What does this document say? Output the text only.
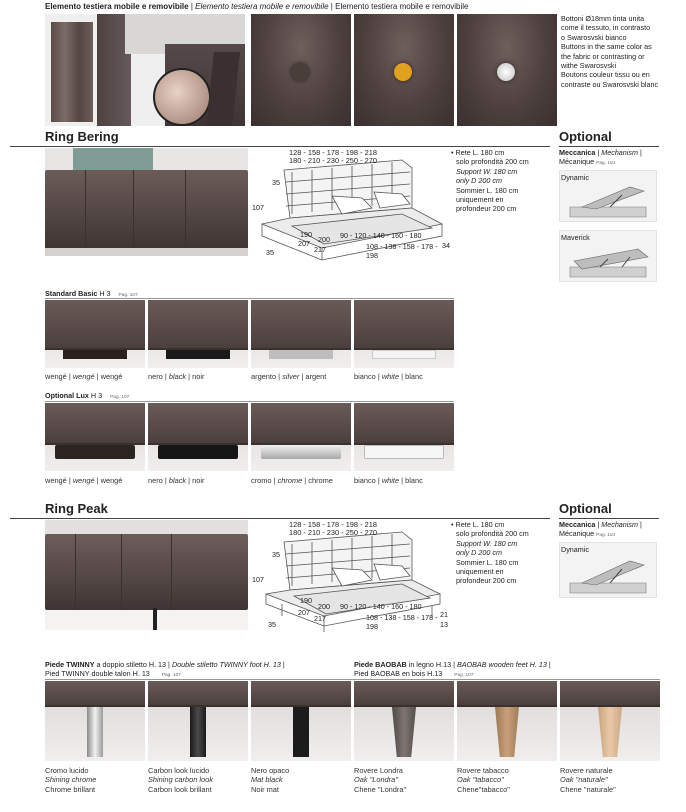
Elemento testiera mobile e removibile | Elemento testiera mobile e removibile | Elemento testiera mobile e removibile
Bottoni Ø18mm tinta unita
come il tessuto, in contrasto
o Swarosvski bianco
Buttons in the same color as
the fabric or contrasting or
withe Swarosvski
Boutons couleur tissu ou en
contraste ou Swarosvski blanc
Ring Bering	Optional
128 - 158 - 178 - 198 - 218
180 - 210 - 230 - 250 - 270
35
107
190
200
207
217
90 - 120 - 140 - 160 - 180
108 - 138 - 158 - 178 - 198
34
35
• Rete L. 180 cm
solo profondità 200 cm
Support W. 180 cm
only D 200 cm
Sommier L. 180 cm
uniquement en
profondeur 200 cm
Meccanica | Mechanism |
Mécanique Pag. 110
Dynamic
Maverick
Standard Basic H 3 Pag. 107
Optional Lux H 3 Pag. 107
wengé | wengé | wengé	nero | black | noir	argento | silver | argent	bianco | white | blanc
wengé | wengé | wengé	nero | black | noir	cromo | chrome | chrome	bianco | white | blanc
Ring Peak	Optional
128 - 158 - 178 - 198 - 218
180 - 210 - 230 - 250 - 270
35
107
190
200
207
217
90 - 120 - 140 - 160 - 180
108 - 138 - 158 - 178 - 198
21
13
35
• Rete L. 180 cm
solo profondità 200 cm
Support W. 180 cm
only D 200 cm
Sommier L. 180 cm
uniquement en
profondeur 200 cm
Meccanica | Mechanism |
Mécanique Pag. 110
Dynamic
Piede TWINNY a doppio stiletto H. 13 | Double stiletto TWINNY foot H. 13 |
Pied TWINNY double talon H. 13	Pag. 107
Piede BAOBAB in legno H.13 | BAOBAB wooden feet H. 13 |
Pied BAOBAB en bois H.13	Pag. 107
Cromo lucido
Shining chrome
Chrome brillant
Carbon look lucido
Shining carbon look
Carbon look brillant
Nero opaco
Mat black
Noir mat
Rovere Londra
Oak "Londra"
Chene "Londra"
Rovere tabacco
Oak "tabacco"
Chene"tabacco"
Rovere naturale
Oak "naturale"
Chene "naturale"
